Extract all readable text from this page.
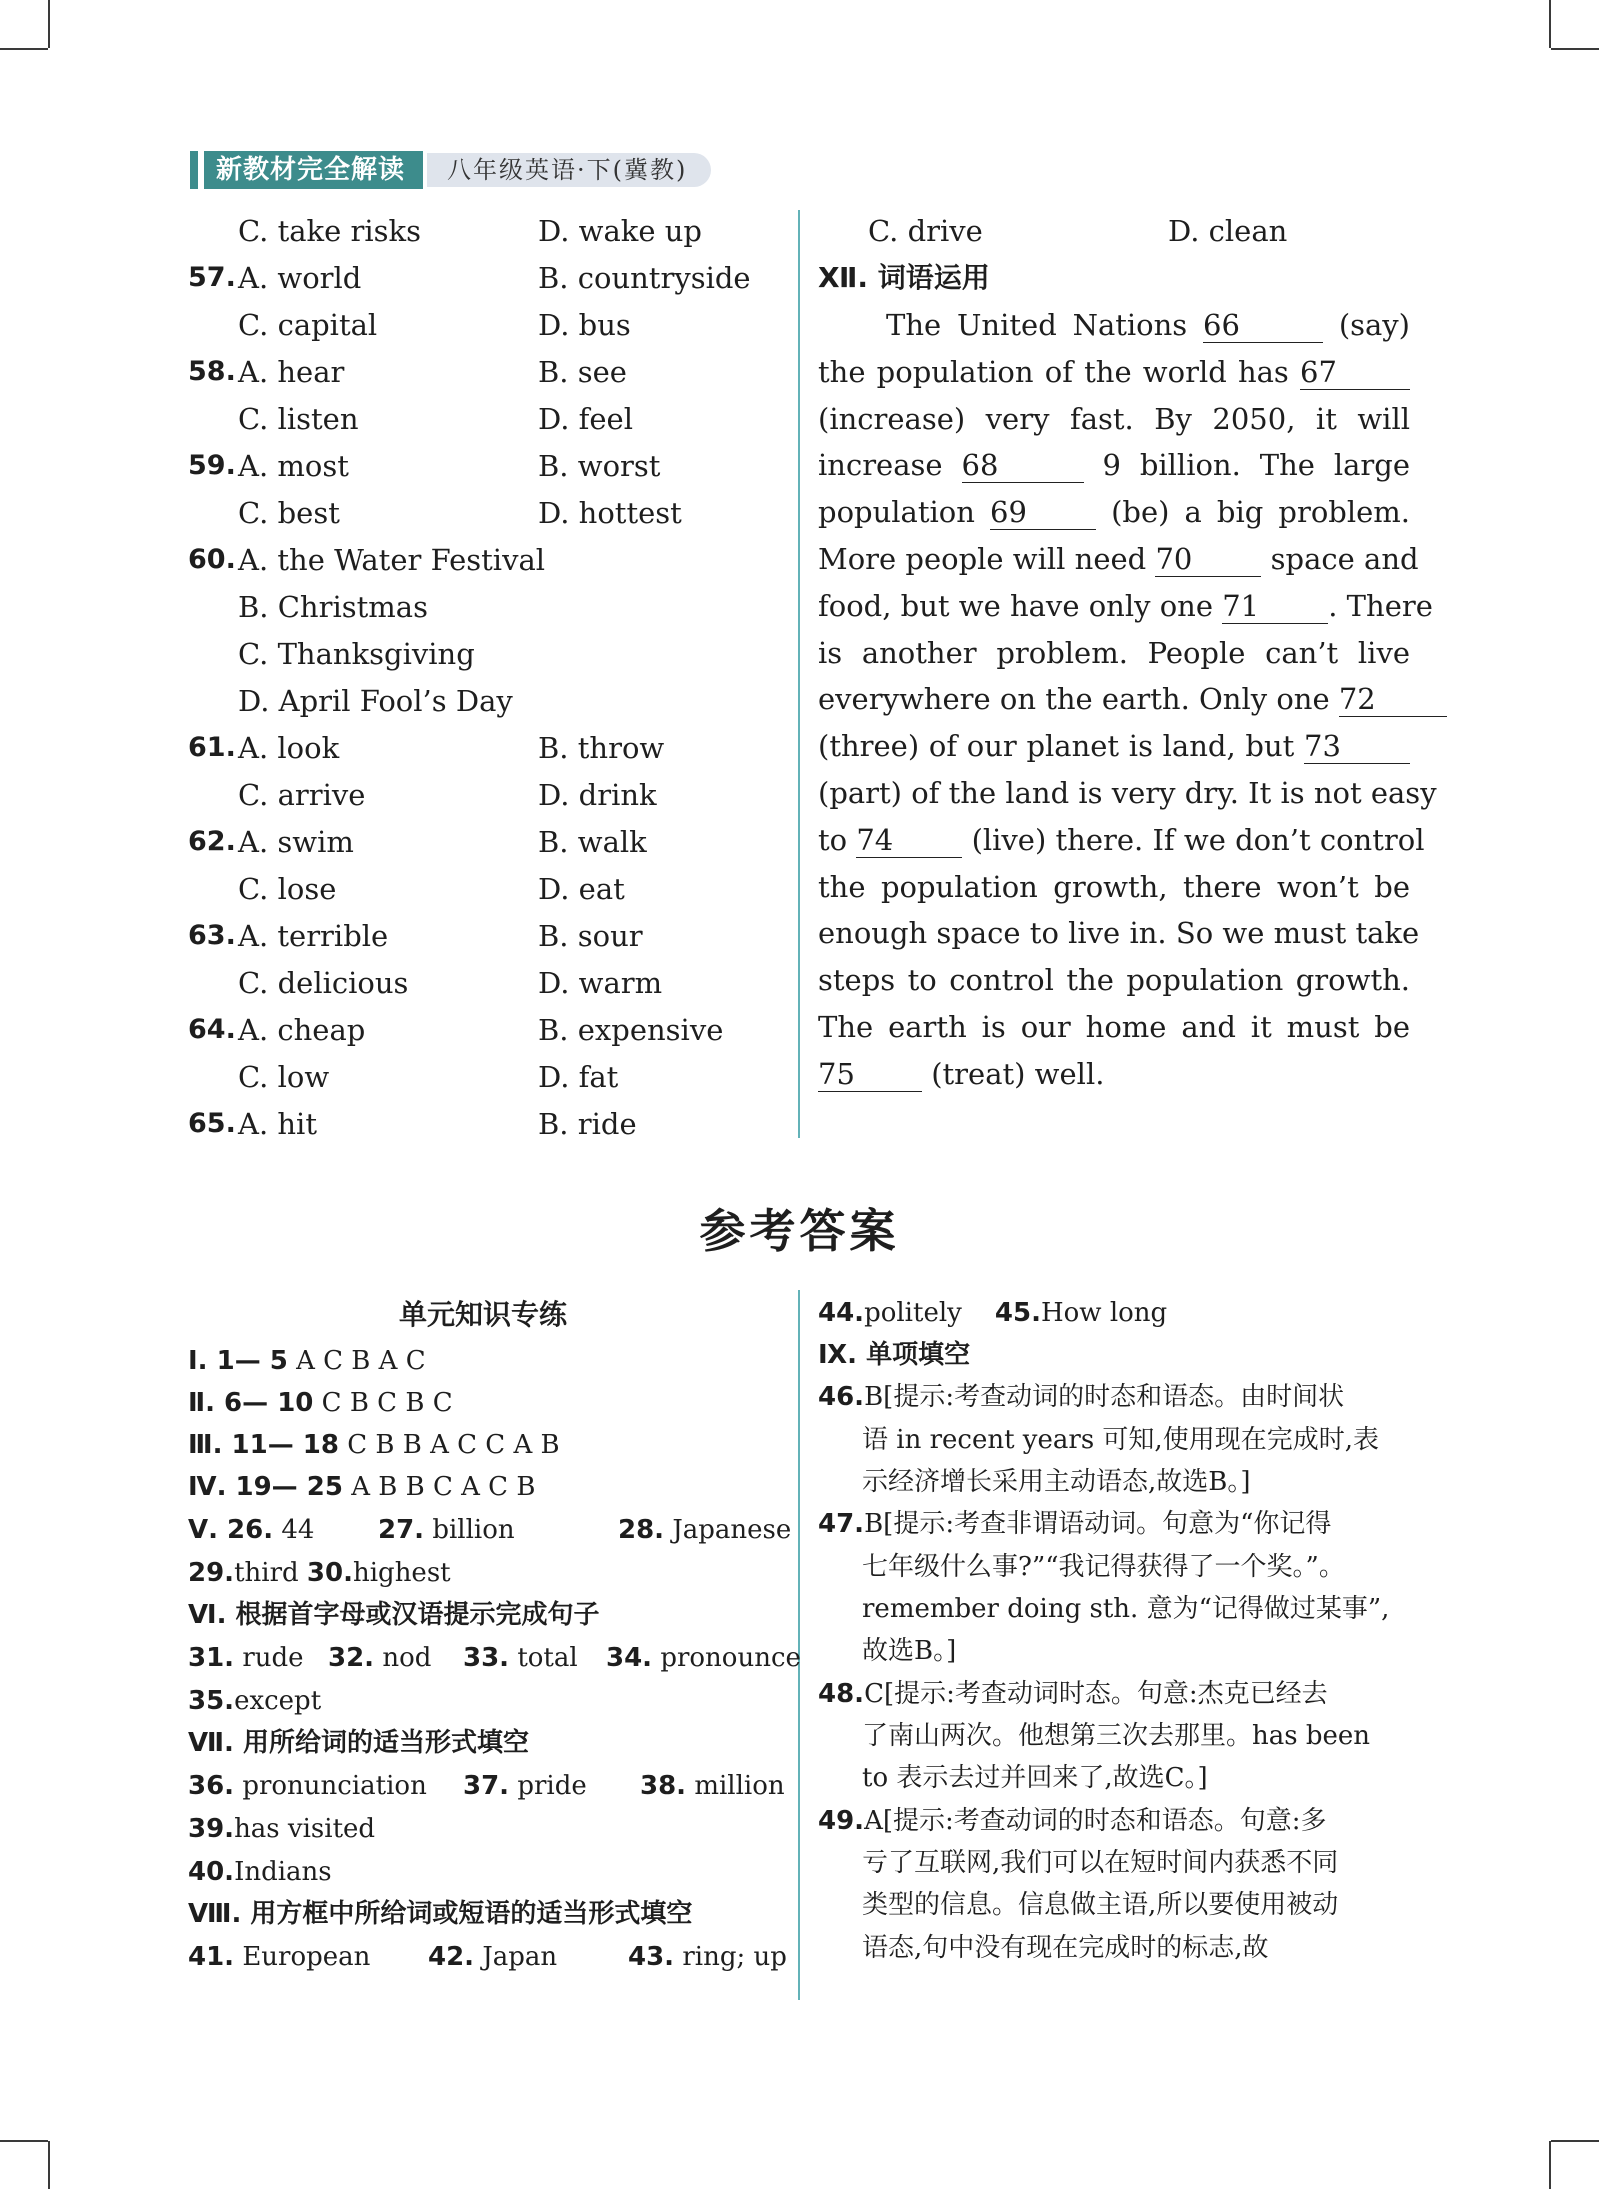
新教材完全解读	八年级英语·下(冀教)
C. take risks	D. wake up
57. A. world	B. countryside
C. capital	D. bus
58. A. hear	B. see
C. listen	D. feel
59. A. most	B. worst
C. best	D. hottest
60. A. the Water Festival
B. Christmas
C. Thanksgiving
D. April Fool’s Day
61. A. look	B. throw
C. arrive	D. drink
62. A. swim	B. walk
C. lose	D. eat
63. A. terrible	B. sour
C. delicious	D. warm
64. A. cheap	B. expensive
C. low	D. fat
65. A. hit	B. ride
C. drive	D. clean
Ⅻ. 词语运用
The United Nations 66	(say)
the population of the world has 67
(increase) very fast. By 2050, it will
increase 68	9 billion. The large
population 69	(be) a big problem.
More people will need 70	space and
food, but we have only one 71 . There
is another problem. People can’t live
everywhere on the earth. Only one 72
(three) of our planet is land, but 73
(part) of the land is very dry. It is not easy
to 74	(live) there. If we don’t control
the population growth, there won’t be
enough space to live in. So we must take
steps to control the population growth.
The earth is our home and it must be
75	(treat) well.
参考答案
单元知识专练
Ⅰ. 1— 5 A C B A C
Ⅱ. 6— 10 C B C B C
Ⅲ. 11— 18 C B B A C C A B
Ⅳ. 19— 25 A B B C A C B
Ⅴ. 26. 44 27. billion	28. Japanese
29.third 30.highest
Ⅵ. 根据首字母或汉语提示完成句子
31. rude 32. nod 33. total 34. pronounce
35.except
Ⅶ. 用所给词的适当形式填空
36. pronunciation 37. pride 38. million
39.has visited
40.Indians
Ⅷ. 用方框中所给词或短语的适当形式填空
41. European 42. Japan	43. ring; up
44.politely 45.How long
Ⅸ. 单项填空
46.B[提示:考查动词的时态和语态。由时间状
语 in recent years 可知,使用现在完成时,表
示经济增长采用主动语态,故选B。]
47.B[提示:考查非谓语动词。句意为“你记得
七年级什么事?”“我记得获得了一个奖。”。
remember doing sth. 意为“记得做过某事”,
故选B。]
48.C[提示:考查动词时态。句意:杰克已经去
了南山两次。他想第三次去那里。has been
to 表示去过并回来了,故选C。]
49.A[提示:考查动词的时态和语态。句意:多
亏了互联网,我们可以在短时间内获悉不同
类型的信息。信息做主语,所以要使用被动
语态,句中没有现在完成时的标志,故
